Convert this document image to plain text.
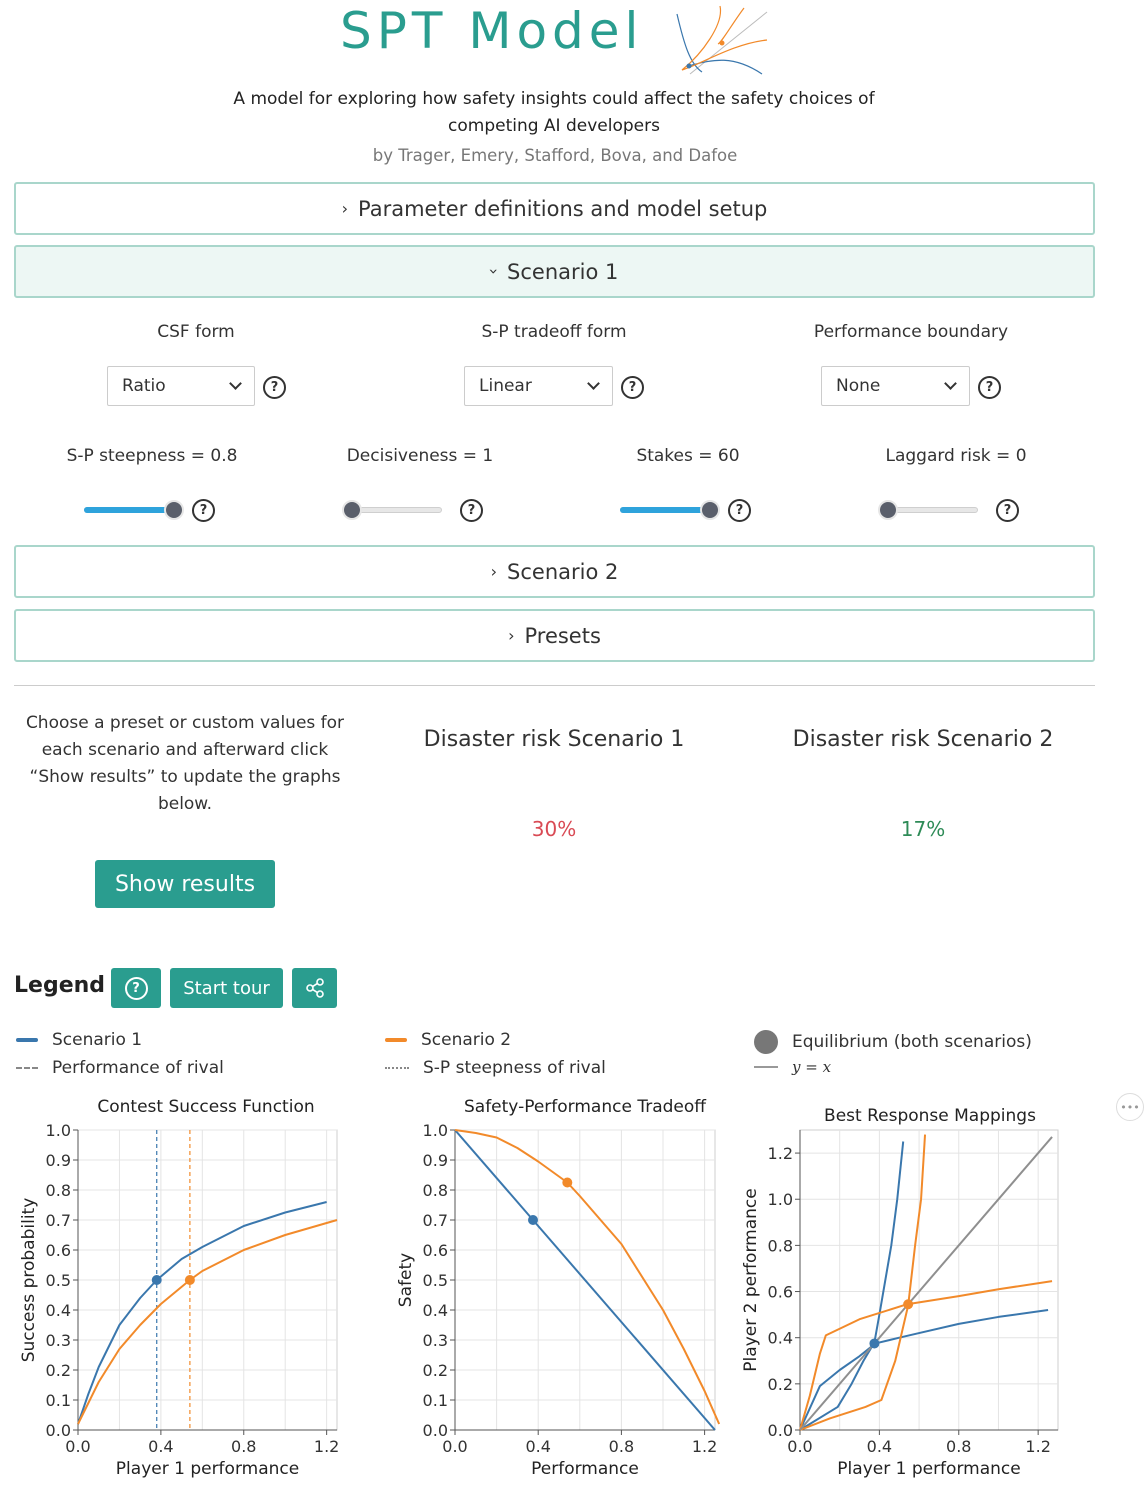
SPT Model
A model for exploring how safety insights could affect the safety choices of competing AI developers
by Trager, Emery, Stafford, Bova, and Dafoe
› Parameter definitions and model setup
› Scenario 1
CSF form
Ratio	?
S-P tradeoff form
Linear	?
Performance boundary
None	?
S-P steepness = 0.8
?
Decisiveness = 1
?
Stakes = 60
?
Laggard risk = 0
?
› Scenario 2
› Presets
Choose a preset or custom values for each scenario and afterward click “Show results” to update the graphs below.
Show results
Disaster risk Scenario 1
30%
Disaster risk Scenario 2
17%
Legend	?	Start tour
Scenario 1
Performance of rival
Scenario 2
S-P steepness of rival
Equilibrium (both scenarios)
y = x
0.0
0.1
0.2
0.3
0.4
0.5
0.6
0.7
0.8
0.9
1.0
0.0	0.4	0.8	1.2
Contest Success Function
Player 1 performance
Success probability
0.0
0.1
0.2
0.3
0.4
0.5
0.6
0.7
0.8
0.9
1.0
0.0	0.4	0.8	1.2
Safety-Performance Tradeoff
Performance
Safety
0.0
0.2
0.4
0.6
0.8
1.0
1.2
0.0	0.4	0.8	1.2
Best Response Mappings
Player 1 performance
Player 2 performance
•••
